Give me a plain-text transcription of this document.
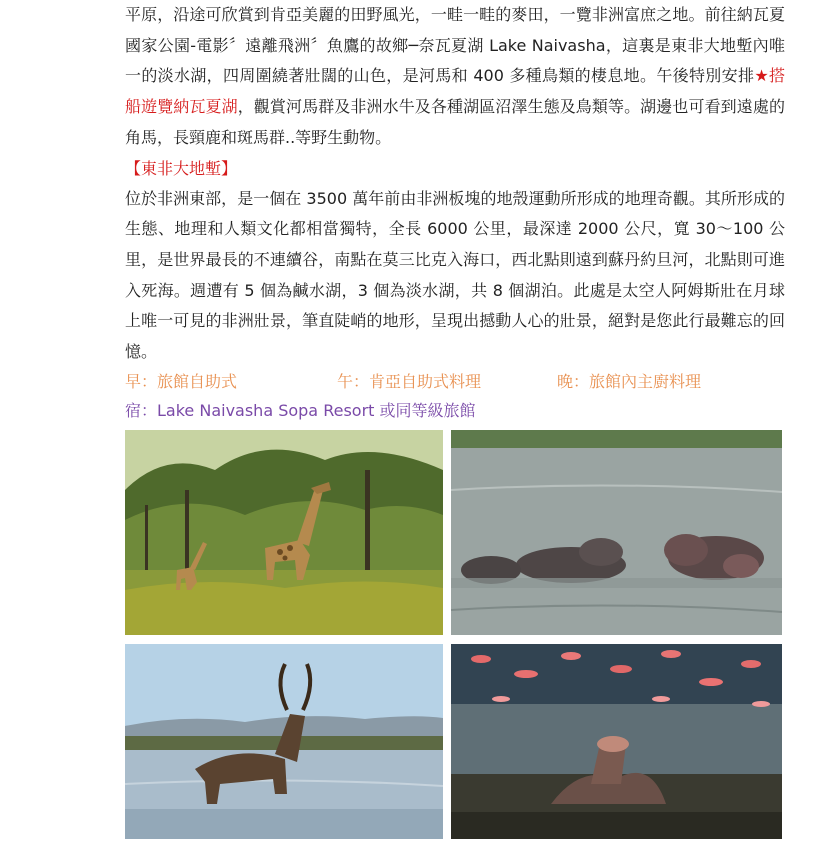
平原，沿途可欣賞到肯亞美麗的田野風光，一畦一畦的麥田，一覽非洲富庶之地。前往納瓦夏國家公園-電影〞遠離飛洲〞魚鷹的故鄉─奈瓦夏湖 Lake Naivasha，這裏是東非大地塹內唯一的淡水湖，四周圍繞著壯闊的山色，是河馬和 400 多種鳥類的棲息地。午後特別安排★搭船遊覽納瓦夏湖，觀賞河馬群及非洲水牛及各種湖區沼澤生態及鳥類等。湖邊也可看到遠處的角馬，長頸鹿和斑馬群..等野生動物。

【東非大地塹】

位於非洲東部，是一個在 3500 萬年前由非洲板塊的地殼運動所形成的地理奇觀。其所形成的生態、地理和人類文化都相當獨特，全長 6000 公里，最深達 2000 公尺，寬 30～100 公里，是世界最長的不連續谷，南點在莫三比克入海口，西北點則遠到蘇丹約旦河，北點則可進入死海。週遭有 5 個為鹹水湖，3 個為淡水湖，共 8 個湖泊。此處是太空人阿姆斯壯在月球上唯一可見的非洲壯景，筆直陡峭的地形，呈現出撼動人心的壯景，絕對是您此行最難忘的回憶。

早：旅館自助式	午：肯亞自助式料理	晚：旅館內主廚料理

宿：Lake Naivasha Sopa Resort 或同等級旅館
